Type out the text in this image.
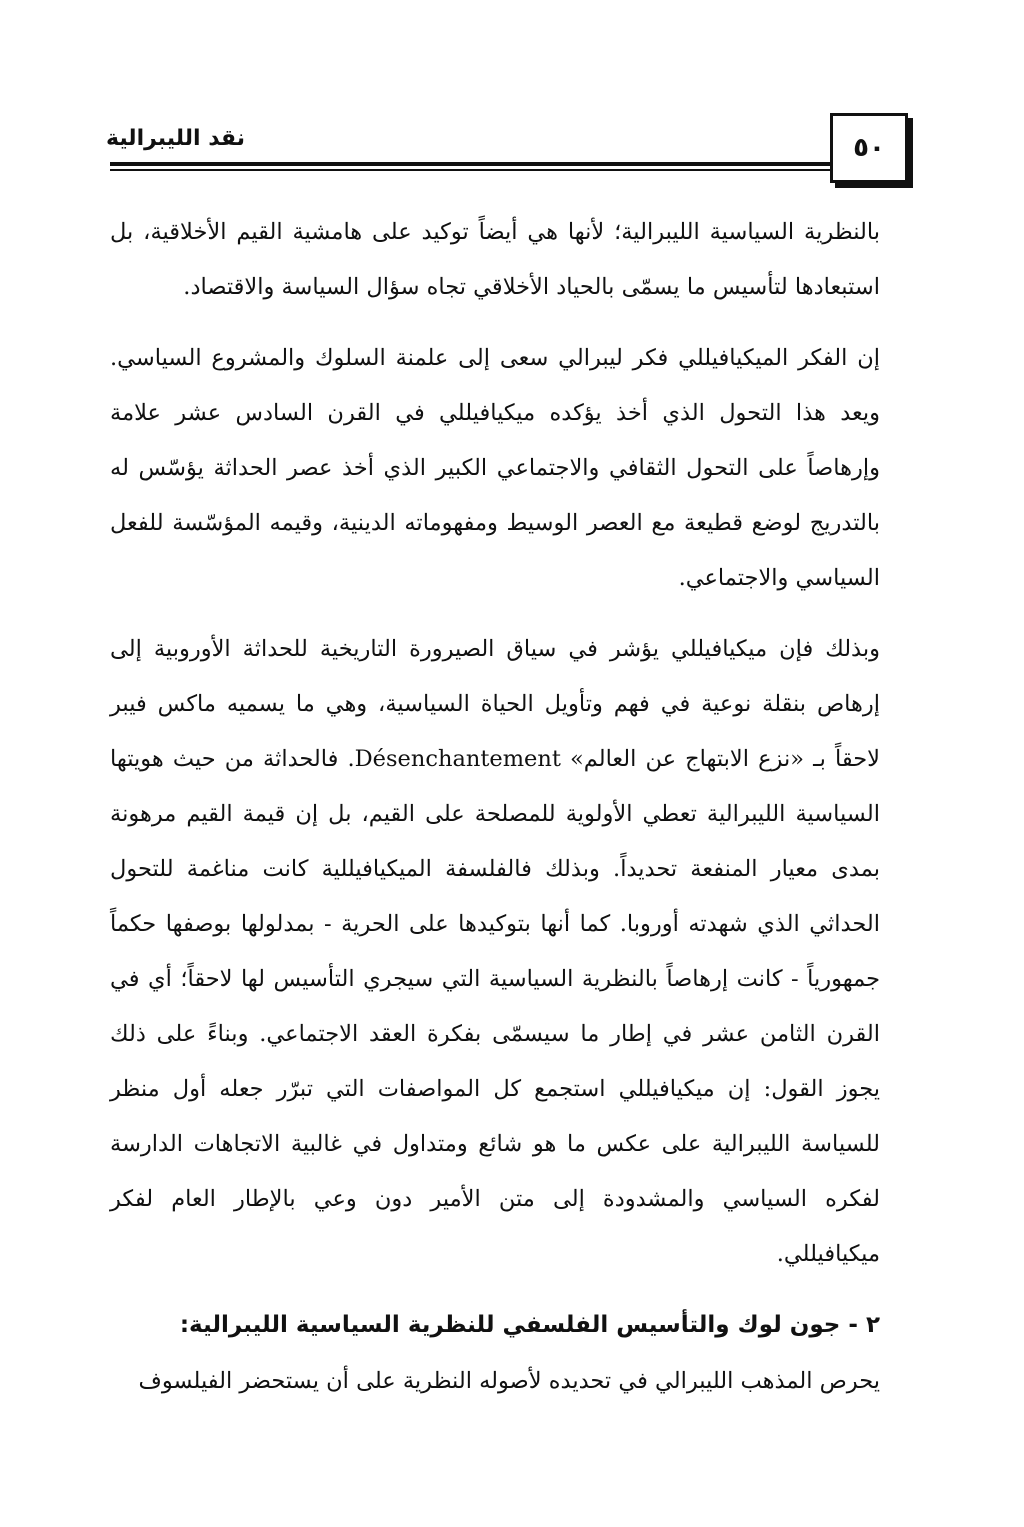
نقد الليبرالية	٥٠

بالنظرية السياسية الليبرالية؛ لأنها هي أيضاً توكيد على هامشية القيم الأخلاقية، بل استبعادها لتأسيس ما يسمّى بالحياد الأخلاقي تجاه سؤال السياسة والاقتصاد.

إن الفكر الميكيافيللي فكر ليبرالي سعى إلى علمنة السلوك والمشروع السياسي. ويعد هذا التحول الذي أخذ يؤكده ميكيافيللي في القرن السادس عشر علامة وإرهاصاً على التحول الثقافي والاجتماعي الكبير الذي أخذ عصر الحداثة يؤسّس له بالتدريج لوضع قطيعة مع العصر الوسيط ومفهوماته الدينية، وقيمه المؤسّسة للفعل السياسي والاجتماعي.

وبذلك فإن ميكيافيللي يؤشر في سياق الصيرورة التاريخية للحداثة الأوروبية إلى إرهاص بنقلة نوعية في فهم وتأويل الحياة السياسية، وهي ما يسميه ماكس فيبر لاحقاً بـ «نزع الابتهاج عن العالم» Désenchantement. فالحداثة من حيث هويتها السياسية الليبرالية تعطي الأولوية للمصلحة على القيم، بل إن قيمة القيم مرهونة بمدى معيار المنفعة تحديداً. وبذلك فالفلسفة الميكيافيللية كانت مناغمة للتحول الحداثي الذي شهدته أوروبا. كما أنها بتوكيدها على الحرية - بمدلولها بوصفها حكماً جمهورياً - كانت إرهاصاً بالنظرية السياسية التي سيجري التأسيس لها لاحقاً؛ أي في القرن الثامن عشر في إطار ما سيسمّى بفكرة العقد الاجتماعي. وبناءً على ذلك يجوز القول: إن ميكيافيللي استجمع كل المواصفات التي تبرّر جعله أول منظر للسياسة الليبرالية على عكس ما هو شائع ومتداول في غالبية الاتجاهات الدارسة لفكره السياسي والمشدودة إلى متن الأمير دون وعي بالإطار العام لفكر ميكيافيللي.

٢ - جون لوك والتأسيس الفلسفي للنظرية السياسية الليبرالية:

يحرص المذهب الليبرالي في تحديده لأصوله النظرية على أن يستحضر الفيلسوف
